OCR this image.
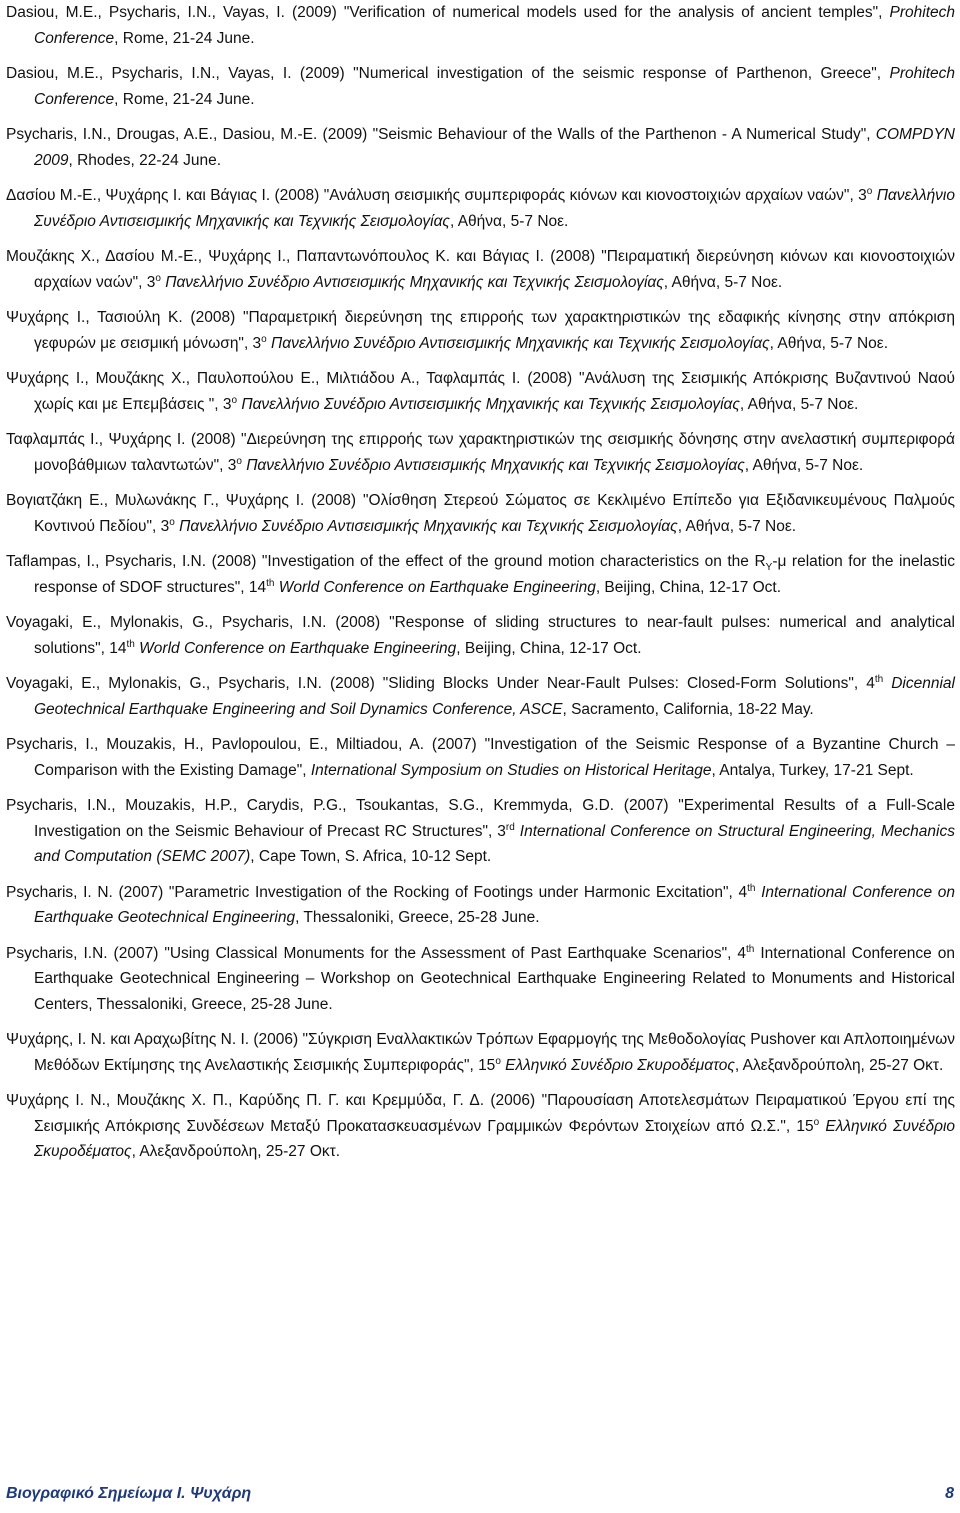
Dasiou, M.E., Psycharis, I.N., Vayas, I. (2009) "Verification of numerical models used for the analysis of ancient temples", Prohitech Conference, Rome, 21-24 June.

Dasiou, M.E., Psycharis, I.N., Vayas, I. (2009) "Numerical investigation of the seismic response of Parthenon, Greece", Prohitech Conference, Rome, 21-24 June.

Psycharis, I.N., Drougas, A.E., Dasiou, M.-E. (2009) "Seismic Behaviour of the Walls of the Parthenon - A Numerical Study", COMPDYN 2009, Rhodes, 22-24 June.

Δασίου Μ.-Ε., Ψυχάρης Ι. και Βάγιας Ι. (2008) "Ανάλυση σεισμικής συμπεριφοράς κιόνων και κιονοστοιχιών αρχαίων ναών", $3^o$ Πανελλήνιο Συνέδριο Αντισεισμικής Μηχανικής και Τεχνικής Σεισμολογίας, Αθήνα, 5-7 Νοε.

Μουζάκης Χ., Δασίου Μ.-Ε., Ψυχάρης Ι., Παπαντωνόπουλος Κ. και Βάγιας Ι. (2008) "Πειραματική διερεύνηση κιόνων και κιονοστοιχιών αρχαίων ναών", $3^o$ Πανελλήνιο Συνέδριο Αντισεισμικής Μηχανικής και Τεχνικής Σεισμολογίας, Αθήνα, 5-7 Νοε.

Ψυχάρης Ι., Τασιούλη Κ. (2008) "Παραμετρική διερεύνηση της επιρροής των χαρακτηριστικών της εδαφικής κίνησης στην απόκριση γεφυρών με σεισμική μόνωση", $3^o$ Πανελλήνιο Συνέδριο Αντισεισμικής Μηχανικής και Τεχνικής Σεισμολογίας, Αθήνα, 5-7 Νοε.

Ψυχάρης Ι., Μουζάκης Χ., Παυλοπούλου Ε., Μιλτιάδου Α., Ταφλαμπάς Ι. (2008) "Ανάλυση της Σεισμικής Απόκρισης Βυζαντινού Ναού χωρίς και με Επεμβάσεις ", $3^o$ Πανελλήνιο Συνέδριο Αντισεισμικής Μηχανικής και Τεχνικής Σεισμολογίας, Αθήνα, 5-7 Νοε.

Ταφλαμπάς Ι., Ψυχάρης Ι. (2008) "Διερεύνηση της επιρροής των χαρακτηριστικών της σεισμικής δόνησης στην ανελαστική συμπεριφορά μονοβάθμιων ταλαντωτών", $3^o$ Πανελλήνιο Συνέδριο Αντισεισμικής Μηχανικής και Τεχνικής Σεισμολογίας, Αθήνα, 5-7 Νοε.

Βογιατζάκη Ε., Μυλωνάκης Γ., Ψυχάρης Ι. (2008) "Ολίσθηση Στερεού Σώματος σε Κεκλιμένο Επίπεδο για Εξιδανικευμένους Παλμούς Κοντινού Πεδίου", $3^o$ Πανελλήνιο Συνέδριο Αντισεισμικής Μηχανικής και Τεχνικής Σεισμολογίας, Αθήνα, 5-7 Νοε.

Taflampas, I., Psycharis, I.N. (2008) "Investigation of the effect of the ground motion characteristics on the $R_Y-\mu$ relation for the inelastic response of SDOF structures", 14th World Conference on Earthquake Engineering, Beijing, China, 12-17 Oct.

Voyagaki, E., Mylonakis, G., Psycharis, I.N. (2008) "Response of sliding structures to near-fault pulses: numerical and analytical solutions", 14th World Conference on Earthquake Engineering, Beijing, China, 12-17 Oct.

Voyagaki, E., Mylonakis, G., Psycharis, I.N. (2008) "Sliding Blocks Under Near-Fault Pulses: Closed-Form Solutions", 4th Dicennial Geotechnical Earthquake Engineering and Soil Dynamics Conference, ASCE, Sacramento, California, 18-22 May.

Psycharis, I., Mouzakis, H., Pavlopoulou, E., Miltiadou, A. (2007) "Investigation of the Seismic Response of a Byzantine Church – Comparison with the Existing Damage", International Symposium on Studies on Historical Heritage, Antalya, Turkey, 17-21 Sept.

Psycharis, I.N., Mouzakis, H.P., Carydis, P.G., Tsoukantas, S.G., Kremmyda, G.D. (2007) "Experimental Results of a Full-Scale Investigation on the Seismic Behaviour of Precast RC Structures", 3rd International Conference on Structural Engineering, Mechanics and Computation (SEMC 2007), Cape Town, S. Africa, 10-12 Sept.

Psycharis, I. N. (2007) "Parametric Investigation of the Rocking of Footings under Harmonic Excitation", 4th International Conference on Earthquake Geotechnical Engineering, Thessaloniki, Greece, 25-28 June.

Psycharis, I.N. (2007) "Using Classical Monuments for the Assessment of Past Earthquake Scenarios", 4th International Conference on Earthquake Geotechnical Engineering – Workshop on Geotechnical Earthquake Engineering Related to Monuments and Historical Centers, Thessaloniki, Greece, 25-28 June.

Ψυχάρης, Ι. Ν. και Αραχωβίτης Ν. Ι. (2006) "Σύγκριση Εναλλακτικών Τρόπων Εφαρμογής της Μεθοδολογίας Pushover και Απλοποιημένων Μεθόδων Εκτίμησης της Ανελαστικής Σεισμικής Συμπεριφοράς", $15^o$ Ελληνικό Συνέδριο Σκυροδέματος, Αλεξανδρούπολη, 25-27 Οκτ.

Ψυχάρης Ι. Ν., Μουζάκης Χ. Π., Καρύδης Π. Γ. και Κρεμμύδα, Γ. Δ. (2006) "Παρουσίαση Αποτελεσμάτων Πειραματικού Έργου επί της Σεισμικής Απόκρισης Συνδέσεων Μεταξύ Προκατασκευασμένων Γραμμικών Φερόντων Στοιχείων από Ω.Σ.", $15^o$ Ελληνικό Συνέδριο Σκυροδέματος, Αλεξανδρούπολη, 25-27 Οκτ.

Βιογραφικό Σημείωμα Ι. Ψυχάρη	8
